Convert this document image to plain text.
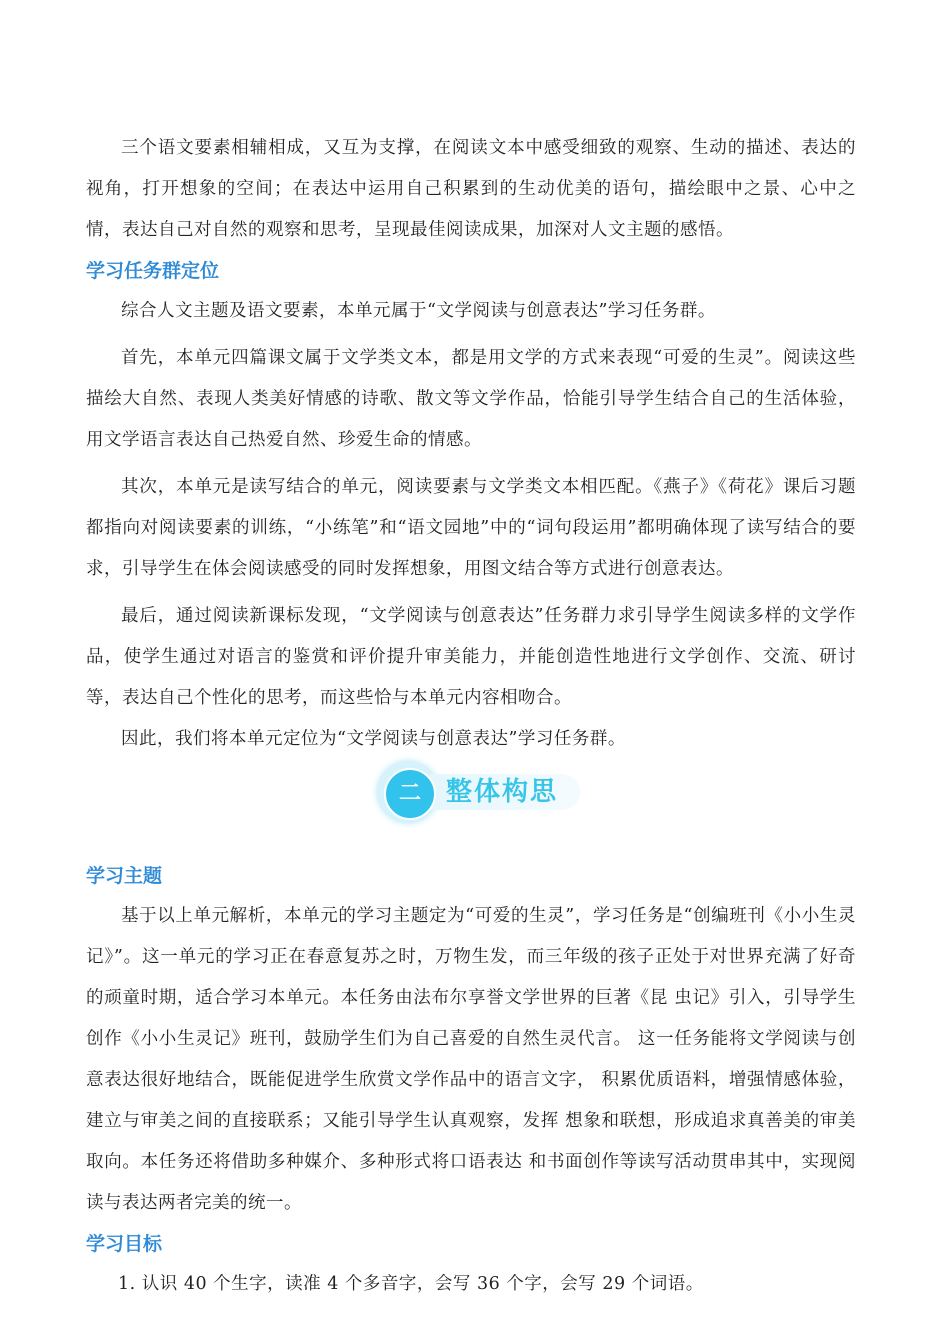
三个语文要素相辅相成，又互为支撑，在阅读文本中感受细致的观察、生动的描述、表达的视角，打开想象的空间；在表达中运用自己积累到的生动优美的语句，描绘眼中之景、心中之情，表达自己对自然的观察和思考，呈现最佳阅读成果，加深对人文主题的感悟。

学习任务群定位

综合人文主题及语文要素，本单元属于“文学阅读与创意表达”学习任务群。

首先，本单元四篇课文属于文学类文本，都是用文学的方式来表现“可爱的生灵”。阅读这些描绘大自然、表现人类美好情感的诗歌、散文等文学作品，恰能引导学生结合自己的生活体验，用文学语言表达自己热爱自然、珍爱生命的情感。

其次，本单元是读写结合的单元，阅读要素与文学类文本相匹配。《燕子》《荷花》课后习题都指向对阅读要素的训练，“小练笔”和“语文园地”中的“词句段运用”都明确体现了读写结合的要求，引导学生在体会阅读感受的同时发挥想象，用图文结合等方式进行创意表达。

最后，通过阅读新课标发现，“文学阅读与创意表达”任务群力求引导学生阅读多样的文学作品，使学生通过对语言的鉴赏和评价提升审美能力，并能创造性地进行文学创作、交流、研讨等，表达自己个性化的思考，而这些恰与本单元内容相吻合。

因此，我们将本单元定位为“文学阅读与创意表达”学习任务群。

二 整体构思
学习主题

基于以上单元解析，本单元的学习主题定为“可爱的生灵”，学习任务是“创编班刊《小小生灵记》”。这一单元的学习正在春意复苏之时，万物生发，而三年级的孩子正处于对世界充满了好奇的顽童时期，适合学习本单元。本任务由法布尔享誉文学世界的巨著《昆 虫记》引入，引导学生创作《小小生灵记》班刊，鼓励学生们为自己喜爱的自然生灵代言。 这一任务能将文学阅读与创意表达很好地结合，既能促进学生欣赏文学作品中的语言文字， 积累优质语料，增强情感体验，建立与审美之间的直接联系；又能引导学生认真观察，发挥 想象和联想，形成追求真善美的审美取向。本任务还将借助多种媒介、多种形式将口语表达 和书面创作等读写活动贯串其中，实现阅读与表达两者完美的统一。

学习目标

1. 认识 40 个生字，读准 4 个多音字，会写 36 个字，会写 29 个词语。
